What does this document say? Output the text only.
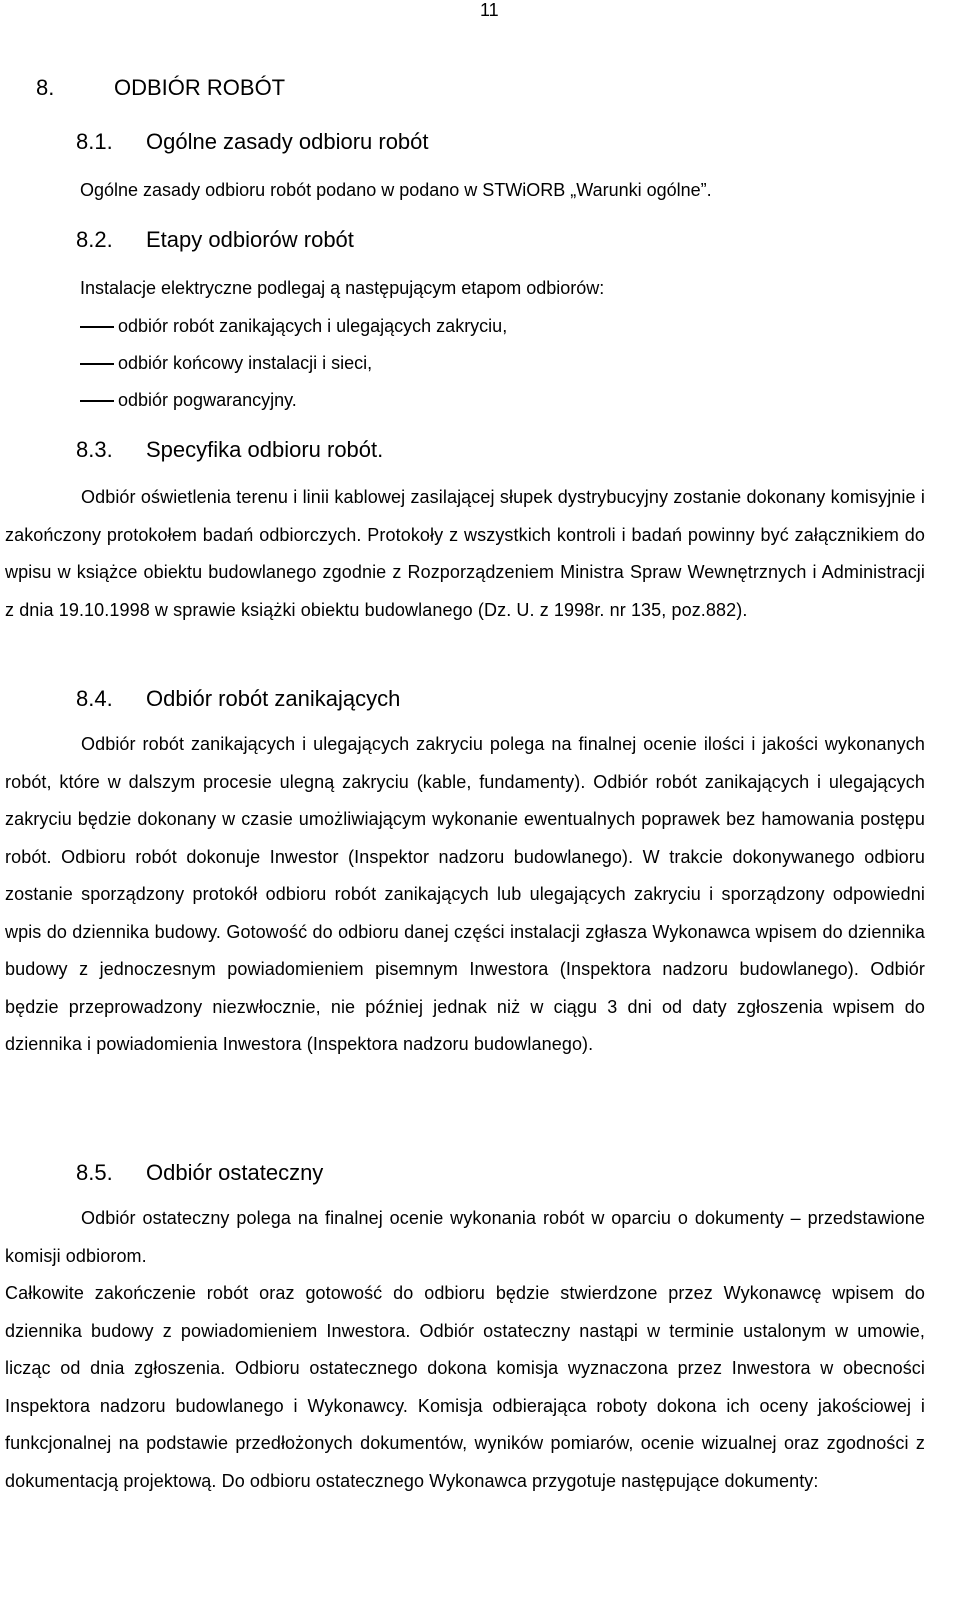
11
8.	ODBIÓR ROBÓT
8.1. Ogólne zasady odbioru robót
Ogólne zasady odbioru robót podano w podano w STWiORB „Warunki ogólne”.
8.2. Etapy odbiorów robót
Instalacje elektryczne podlegaj ą następującym etapom odbiorów:
odbiór robót zanikających i ulegających zakryciu,
odbiór końcowy instalacji i sieci,
odbiór pogwarancyjny.
8.3. Specyfika odbioru robót.
Odbiór oświetlenia terenu i linii kablowej zasilającej słupek dystrybucyjny zostanie dokonany komisyjnie i zakończony protokołem badań odbiorczych. Protokoły z wszystkich kontroli i badań powinny być załącznikiem do wpisu w książce obiektu budowlanego zgodnie z Rozporządzeniem Ministra Spraw Wewnętrznych i Administracji z dnia 19.10.1998 w sprawie książki obiektu budowlanego (Dz. U. z 1998r. nr 135, poz.882).
8.4. Odbiór robót zanikających
Odbiór robót zanikających i ulegających zakryciu polega na finalnej ocenie ilości i jakości wykonanych robót, które w dalszym procesie ulegną zakryciu (kable, fundamenty). Odbiór robót zanikających i ulegających zakryciu będzie dokonany w czasie umożliwiającym wykonanie ewentualnych poprawek bez hamowania postępu robót. Odbioru robót dokonuje Inwestor (Inspektor nadzoru budowlanego). W trakcie dokonywanego odbioru zostanie sporządzony protokół odbioru robót zanikających lub ulegających zakryciu i sporządzony odpowiedni wpis do dziennika budowy. Gotowość do odbioru danej części instalacji zgłasza Wykonawca wpisem do dziennika budowy z jednoczesnym powiadomieniem pisemnym Inwestora (Inspektora nadzoru budowlanego). Odbiór będzie przeprowadzony niezwłocznie, nie później jednak niż w ciągu 3 dni od daty zgłoszenia wpisem do dziennika i powiadomienia Inwestora (Inspektora nadzoru budowlanego).
8.5. Odbiór ostateczny
Odbiór ostateczny polega na finalnej ocenie wykonania robót w oparciu o dokumenty – przedstawione komisji odbiorom.
Całkowite zakończenie robót oraz gotowość do odbioru będzie stwierdzone przez Wykonawcę wpisem do dziennika budowy z powiadomieniem Inwestora. Odbiór ostateczny nastąpi w terminie ustalonym w umowie, licząc od dnia zgłoszenia. Odbioru ostatecznego dokona komisja wyznaczona przez Inwestora w obecności Inspektora nadzoru budowlanego i Wykonawcy. Komisja odbierająca roboty dokona ich oceny jakościowej i funkcjonalnej na podstawie przedłożonych dokumentów, wyników pomiarów, ocenie wizualnej oraz zgodności z dokumentacją projektową. Do odbioru ostatecznego Wykonawca przygotuje następujące dokumenty:
